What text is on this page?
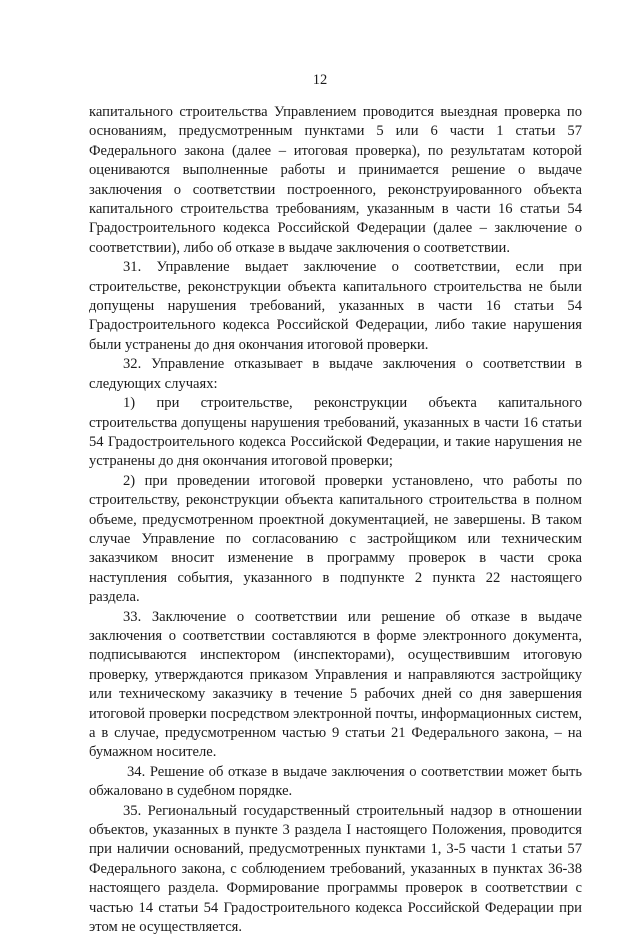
12

капитального строительства Управлением проводится выездная проверка по основаниям, предусмотренным пунктами 5 или 6 части 1 статьи 57 Федерального закона (далее – итоговая проверка), по результатам которой оцениваются выполненные работы и принимается решение о выдаче заключения о соответствии построенного, реконструированного объекта капитального строительства требованиям, указанным в части 16 статьи 54 Градостроительного кодекса Российской Федерации (далее – заключение о соответствии), либо об отказе в выдаче заключения о соответствии.

31. Управление выдает заключение о соответствии, если при строительстве, реконструкции объекта капитального строительства не были допущены нарушения требований, указанных в части 16 статьи 54 Градостроительного кодекса Российской Федерации, либо такие нарушения были устранены до дня окончания итоговой проверки.

32. Управление отказывает в выдаче заключения о соответствии в следующих случаях:

1) при строительстве, реконструкции объекта капитального строительства допущены нарушения требований, указанных в части 16 статьи 54 Градостроительного кодекса Российской Федерации, и такие нарушения не устранены до дня окончания итоговой проверки;

2) при проведении итоговой проверки установлено, что работы по строительству, реконструкции объекта капитального строительства в полном объеме, предусмотренном проектной документацией, не завершены. В таком случае Управление по согласованию с застройщиком или техническим заказчиком вносит изменение в программу проверок в части срока наступления события, указанного в подпункте 2 пункта 22 настоящего раздела.

33. Заключение о соответствии или решение об отказе в выдаче заключения о соответствии составляются в форме электронного документа, подписываются инспектором (инспекторами), осуществившим итоговую проверку, утверждаются приказом Управления и направляются застройщику или техническому заказчику в течение 5 рабочих дней со дня завершения итоговой проверки посредством электронной почты, информационных систем, а в случае, предусмотренном частью 9 статьи 21 Федерального закона, – на бумажном носителе.

34. Решение об отказе в выдаче заключения о соответствии может быть обжаловано в судебном порядке.

35. Региональный государственный строительный надзор в отношении объектов, указанных в пункте 3 раздела I настоящего Положения, проводится при наличии оснований, предусмотренных пунктами 1, 3-5 части 1 статьи 57 Федерального закона, с соблюдением требований, указанных в пунктах 36-38 настоящего раздела. Формирование программы проверок в соответствии с частью 14 статьи 54 Градостроительного кодекса Российской Федерации при этом не осуществляется.
